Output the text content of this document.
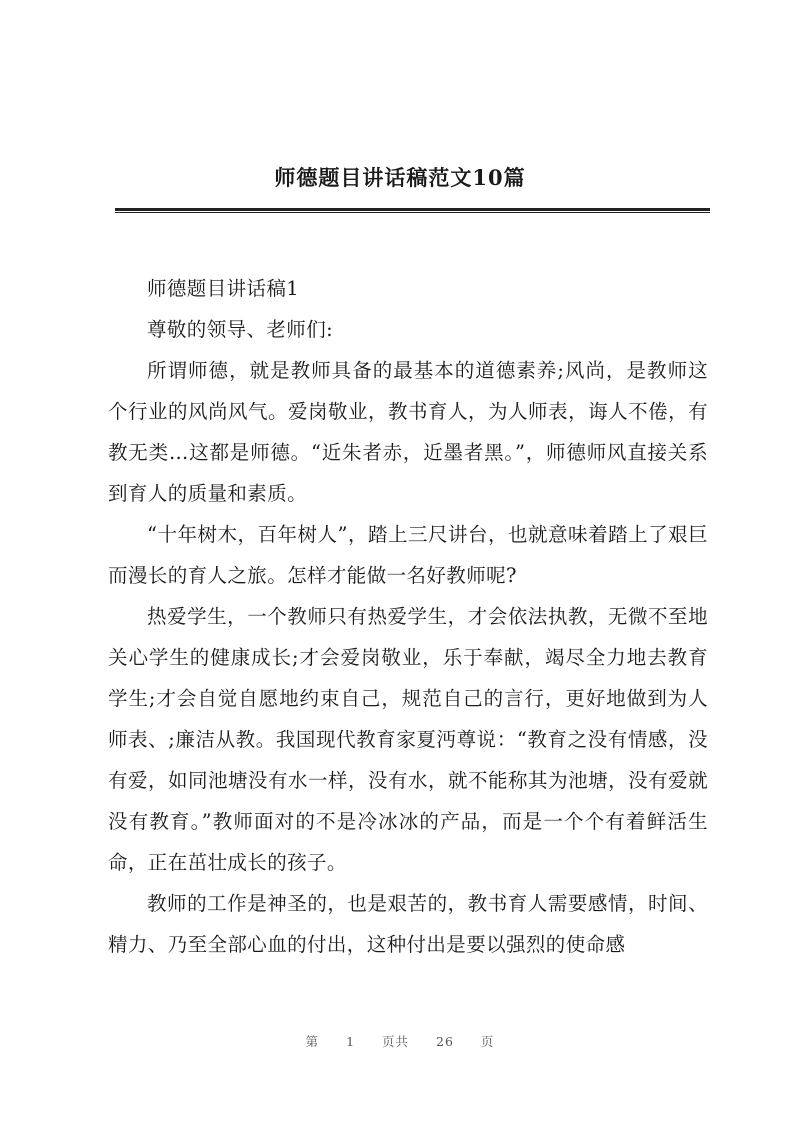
师德题目讲话稿范文10篇

师德题目讲话稿1

尊敬的领导、老师们:

所谓师德，就是教师具备的最基本的道德素养;风尚，是教师这个行业的风尚风气。爱岗敬业，教书育人，为人师表，诲人不倦，有教无类…这都是师德。“近朱者赤，近墨者黑。”，师德师风直接关系到育人的质量和素质。

“十年树木，百年树人”，踏上三尺讲台，也就意味着踏上了艰巨而漫长的育人之旅。怎样才能做一名好教师呢?

热爱学生，一个教师只有热爱学生，才会依法执教，无微不至地关心学生的健康成长;才会爱岗敬业，乐于奉献，竭尽全力地去教育学生;才会自觉自愿地约束自己，规范自己的言行，更好地做到为人师表、;廉洁从教。我国现代教育家夏沔尊说：“教育之没有情感，没有爱，如同池塘没有水一样，没有水，就不能称其为池塘，没有爱就没有教育。”教师面对的不是冷冰冰的产品，而是一个个有着鲜活生命，正在茁壮成长的孩子。

教师的工作是神圣的，也是艰苦的，教书育人需要感情，时间、精力、乃至全部心血的付出，这种付出是要以强烈的使命感

第 1 页共 26 页
